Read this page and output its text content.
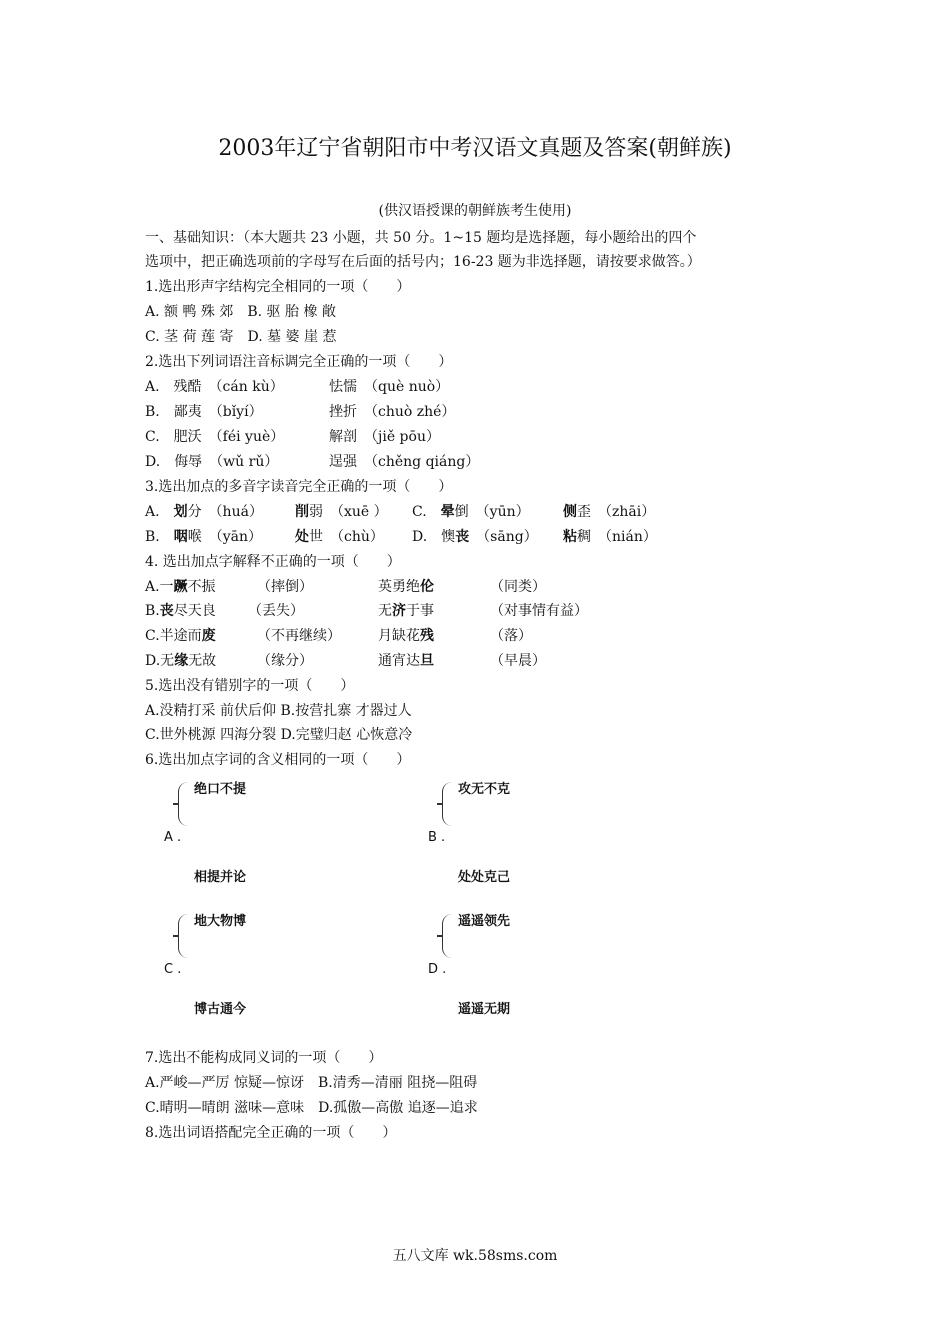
2003年辽宁省朝阳市中考汉语文真题及答案(朝鲜族)
(供汉语授课的朝鲜族考生使用)
一、基础知识：（本大题共 23 小题，共 50 分。1~15 题均是选择题，每小题给出的四个
选项中，把正确选项前的字母写在后面的括号内；16-23 题为非选择题，请按要求做答。）
1.选出形声字结构完全相同的一项（　　）
A. 额 鸭 殊 郊　B. 驱 胎 橡 敞
C. 茎 荷 莲 寄　D. 墓 婆 崖 惹
2.选出下列词语注音标调完全正确的一项（　　）
A.　残酷　（cán kù）	怯懦　（què nuò）
B.　鄙夷　（bǐyí）	挫折　（chuò zhé）
C.　肥沃　（féi yuè）	解剖　（jiě pōu）
D.　侮辱　（wǔ rǔ）	逞强　（chěng qiáng）
3.选出加点的多音字读音完全正确的一项（　　）
A.　划分　（huá） 削弱　（xuē ） C.　晕倒　（yūn） 侧歪　（zhāi）
B.　咽喉　（yān） 处世　（chù） D.　懊丧　（sāng） 粘稠　（nián）
4. 选出加点字解释不正确的一项（　　）
A.一蹶不振	（摔倒）	英勇绝伦	（同类）
B.丧尽天良 （丢失）	无济于事	（对事情有益）
C.半途而废	（不再继续）	月缺花残	（落）
D.无缘无故	（缘分）	通宵达旦	（早晨）
5.选出没有错别字的一项（　　）
A.没精打采 前伏后仰 B.按营扎寨 才器过人
C.世外桃源 四海分裂 D.完璧归赵 心恢意冷
6.选出加点字词的含义相同的一项（　　）
绝口不提
A .
相提并论
攻无不克
B .
处处克己
地大物博
C .
博古通今
遥遥领先
D .
遥遥无期
7.选出不能构成同义词的一项（　　）
A.严峻—严厉 惊疑—惊讶　B.清秀—清丽 阻挠—阻碍
C.晴明—晴朗 滋味—意味　D.孤傲—高傲 追逐—追求
8.选出词语搭配完全正确的一项（　　）
五八文库 wk.58sms.com
